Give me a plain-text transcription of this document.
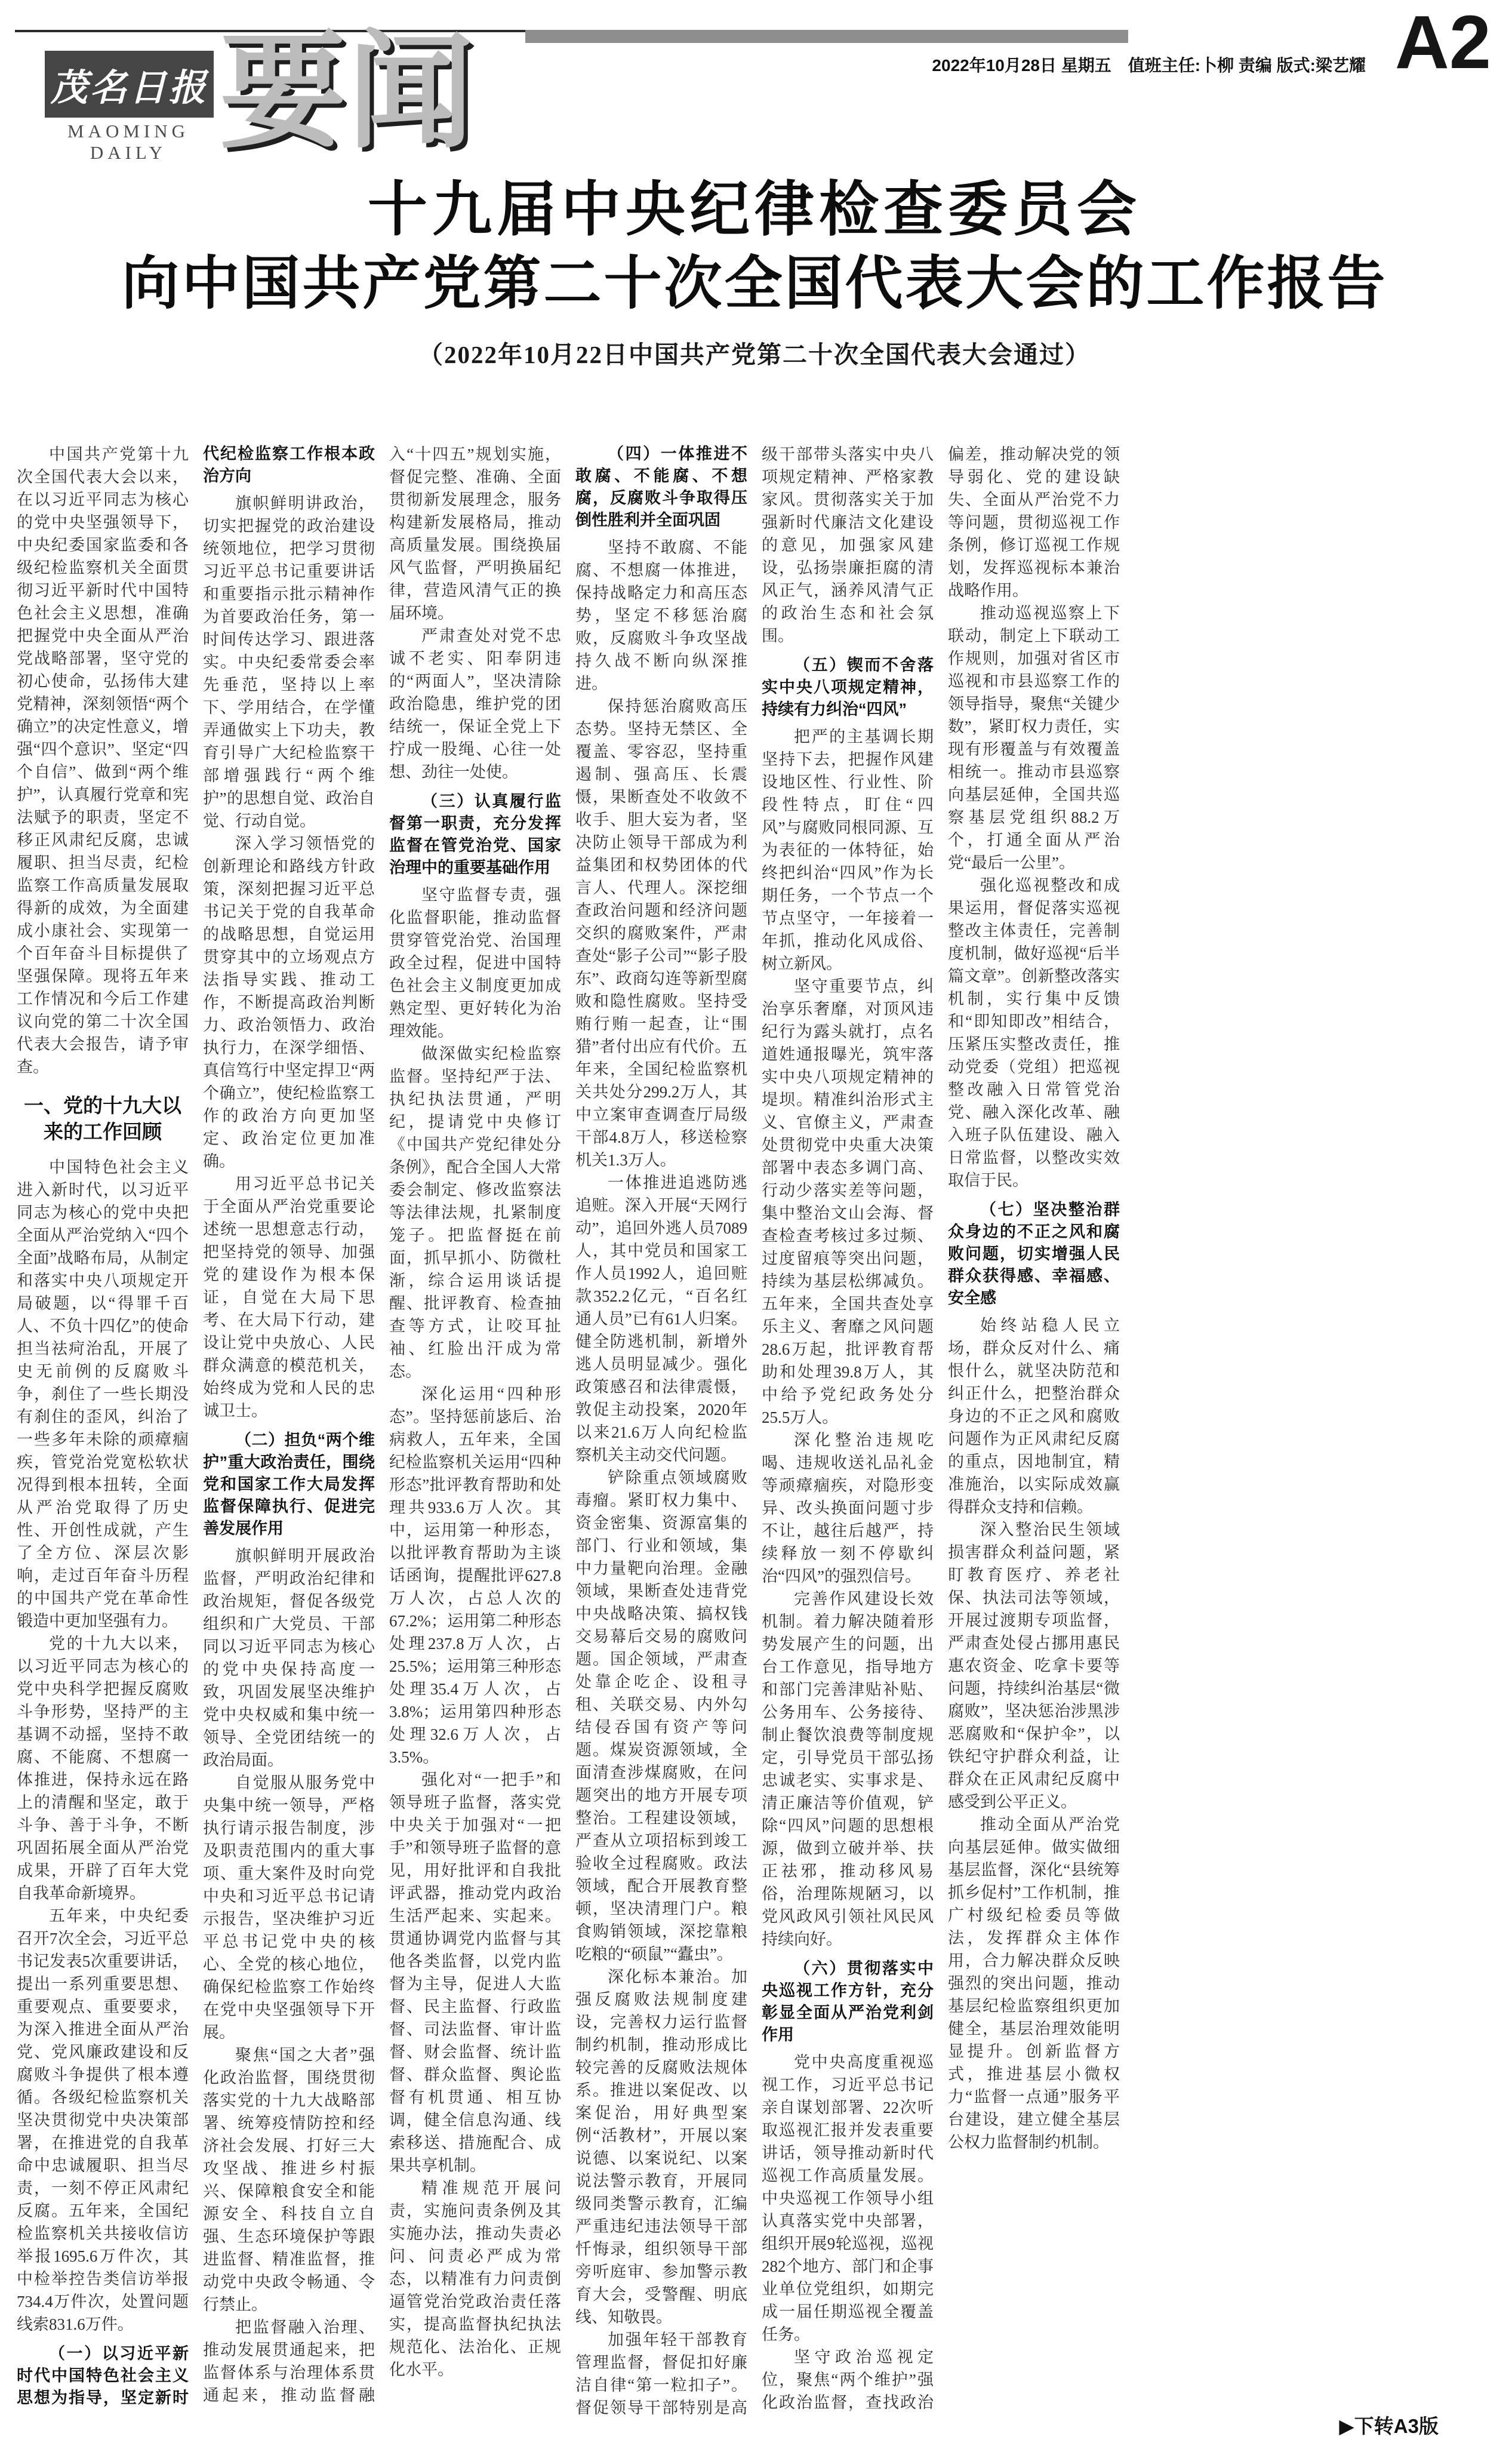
茂名日报
MAOMING DAILY 要闻	2022年10月28日 星期五　值班主任:卜柳 责编 版式:梁艺耀 A2
十九届中央纪律检查委员会
向中国共产党第二十次全国代表大会的工作报告
（2022年10月22日中国共产党第二十次全国代表大会通过）

中国共产党第十九次全国代表大会以来，在以习近平同志为核心的党中央坚强领导下，中央纪委国家监委和各级纪检监察机关全面贯彻习近平新时代中国特色社会主义思想，准确把握党中央全面从严治党战略部署，坚守党的初心使命，弘扬伟大建党精神，深刻领悟“两个确立”的决定性意义，增强“四个意识”、坚定“四个自信”、做到“两个维护”，认真履行党章和宪法赋予的职责，坚定不移正风肃纪反腐，忠诚履职、担当尽责，纪检监察工作高质量发展取得新的成效，为全面建成小康社会、实现第一个百年奋斗目标提供了坚强保障。现将五年来工作情况和今后工作建议向党的第二十次全国代表大会报告，请予审查。

一、党的十九大以来的工作回顾

中国特色社会主义进入新时代，以习近平同志为核心的党中央把全面从严治党纳入“四个全面”战略布局，从制定和落实中央八项规定开局破题，以“得罪千百人、不负十四亿”的使命担当祛疴治乱，开展了史无前例的反腐败斗争，刹住了一些长期没有刹住的歪风，纠治了一些多年未除的顽瘴痼疾，管党治党宽松软状况得到根本扭转，全面从严治党取得了历史性、开创性成就，产生了全方位、深层次影响，走过百年奋斗历程的中国共产党在革命性锻造中更加坚强有力。

党的十九大以来，以习近平同志为核心的党中央科学把握反腐败斗争形势，坚持严的主基调不动摇，坚持不敢腐、不能腐、不想腐一体推进，保持永远在路上的清醒和坚定，敢于斗争、善于斗争，不断巩固拓展全面从严治党成果，开辟了百年大党自我革命新境界。

五年来，中央纪委召开7次全会，习近平总书记发表5次重要讲话，提出一系列重要思想、重要观点、重要要求，为深入推进全面从严治党、党风廉政建设和反腐败斗争提供了根本遵循。各级纪检监察机关坚决贯彻党中央决策部署，在推进党的自我革命中忠诚履职、担当尽责，一刻不停正风肃纪反腐。五年来，全国纪检监察机关共接收信访举报1695.6万件次，其中检举控告类信访举报734.4万件次，处置问题线索831.6万件。

（一）以习近平新时代中国特色社会主义思想为指导，坚定新时代纪检监察工作根本政治方向

旗帜鲜明讲政治，切实把握党的政治建设统领地位，把学习贯彻习近平总书记重要讲话和重要指示批示精神作为首要政治任务，第一时间传达学习、跟进落实。中央纪委常委会率先垂范，坚持以上率下、学用结合，在学懂弄通做实上下功夫，教育引导广大纪检监察干部增强践行“两个维护”的思想自觉、政治自觉、行动自觉。

深入学习领悟党的创新理论和路线方针政策，深刻把握习近平总书记关于党的自我革命的战略思想，自觉运用贯穿其中的立场观点方法指导实践、推动工作，不断提高政治判断力、政治领悟力、政治执行力，在深学细悟、真信笃行中坚定捍卫“两个确立”，使纪检监察工作的政治方向更加坚定、政治定位更加准确。

用习近平总书记关于全面从严治党重要论述统一思想意志行动，把坚持党的领导、加强党的建设作为根本保证，自觉在大局下思考、在大局下行动，建设让党中央放心、人民群众满意的模范机关，始终成为党和人民的忠诚卫士。

（二）担负“两个维护”重大政治责任，围绕党和国家工作大局发挥监督保障执行、促进完善发展作用

旗帜鲜明开展政治监督，严明政治纪律和政治规矩，督促各级党组织和广大党员、干部同以习近平同志为核心的党中央保持高度一致，巩固发展坚决维护党中央权威和集中统一领导、全党团结统一的政治局面。

自觉服从服务党中央集中统一领导，严格执行请示报告制度，涉及职责范围内的重大事项、重大案件及时向党中央和习近平总书记请示报告，坚决维护习近平总书记党中央的核心、全党的核心地位，确保纪检监察工作始终在党中央坚强领导下开展。

聚焦“国之大者”强化政治监督，围绕贯彻落实党的十九大战略部署、统筹疫情防控和经济社会发展、打好三大攻坚战、推进乡村振兴、保障粮食安全和能源安全、科技自立自强、生态环境保护等跟进监督、精准监督，推动党中央政令畅通、令行禁止。

把监督融入治理、推动发展贯通起来，把监督体系与治理体系贯通起来，推动监督融入“十四五”规划实施，督促完整、准确、全面贯彻新发展理念，服务构建新发展格局，推动高质量发展。围绕换届风气监督，严明换届纪律，营造风清气正的换届环境。

严肃查处对党不忠诚不老实、阳奉阴违的“两面人”，坚决清除政治隐患，维护党的团结统一，保证全党上下拧成一股绳、心往一处想、劲往一处使。

（三）认真履行监督第一职责，充分发挥监督在管党治党、国家治理中的重要基础作用

坚守监督专责，强化监督职能，推动监督贯穿管党治党、治国理政全过程，促进中国特色社会主义制度更加成熟定型、更好转化为治理效能。

做深做实纪检监察监督。坚持纪严于法、执纪执法贯通，严明纪，提请党中央修订《中国共产党纪律处分条例》，配合全国人大常委会制定、修改监察法等法律法规，扎紧制度笼子。把监督挺在前面，抓早抓小、防微杜渐，综合运用谈话提醒、批评教育、检查抽查等方式，让咬耳扯袖、红脸出汗成为常态。

深化运用“四种形态”。坚持惩前毖后、治病救人，五年来，全国纪检监察机关运用“四种形态”批评教育帮助和处理共933.6万人次。其中，运用第一种形态，以批评教育帮助为主谈话函询，提醒批评627.8万人次，占总人次的67.2%；运用第二种形态处理237.8万人次，占25.5%；运用第三种形态处理35.4万人次，占3.8%；运用第四种形态处理32.6万人次，占3.5%。

强化对“一把手”和领导班子监督，落实党中央关于加强对“一把手”和领导班子监督的意见，用好批评和自我批评武器，推动党内政治生活严起来、实起来。贯通协调党内监督与其他各类监督，以党内监督为主导，促进人大监督、民主监督、行政监督、司法监督、审计监督、财会监督、统计监督、群众监督、舆论监督有机贯通、相互协调，健全信息沟通、线索移送、措施配合、成果共享机制。

精准规范开展问责，实施问责条例及其实施办法，推动失责必问、问责必严成为常态，以精准有力问责倒逼管党治党政治责任落实，提高监督执纪执法规范化、法治化、正规化水平。

（四）一体推进不敢腐、不能腐、不想腐，反腐败斗争取得压倒性胜利并全面巩固

坚持不敢腐、不能腐、不想腐一体推进，保持战略定力和高压态势，坚定不移惩治腐败，反腐败斗争攻坚战持久战不断向纵深推进。

保持惩治腐败高压态势。坚持无禁区、全覆盖、零容忍，坚持重遏制、强高压、长震慑，果断查处不收敛不收手、胆大妄为者，坚决防止领导干部成为利益集团和权势团体的代言人、代理人。深挖细查政治问题和经济问题交织的腐败案件，严肃查处“影子公司”“影子股东”、政商勾连等新型腐败和隐性腐败。坚持受贿行贿一起查，让“围猎”者付出应有代价。五年来，全国纪检监察机关共处分299.2万人，其中立案审查调查厅局级干部4.8万人，移送检察机关1.3万人。

一体推进追逃防逃追赃。深入开展“天网行动”，追回外逃人员7089人，其中党员和国家工作人员1992人，追回赃款352.2亿元，“百名红通人员”已有61人归案。健全防逃机制，新增外逃人员明显减少。强化政策感召和法律震慑，敦促主动投案，2020年以来21.6万人向纪检监察机关主动交代问题。

铲除重点领域腐败毒瘤。紧盯权力集中、资金密集、资源富集的部门、行业和领域，集中力量靶向治理。金融领域，果断查处违背党中央战略决策、搞权钱交易幕后交易的腐败问题。国企领域，严肃查处靠企吃企、设租寻租、关联交易、内外勾结侵吞国有资产等问题。煤炭资源领域，全面清查涉煤腐败，在问题突出的地方开展专项整治。工程建设领域，严查从立项招标到竣工验收全过程腐败。政法领域，配合开展教育整顿，坚决清理门户。粮食购销领域，深挖靠粮吃粮的“硕鼠”“蠹虫”。

深化标本兼治。加强反腐败法规制度建设，完善权力运行监督制约机制，推动形成比较完善的反腐败法规体系。推进以案促改、以案促治，用好典型案例“活教材”，开展以案说德、以案说纪、以案说法警示教育，开展同级同类警示教育，汇编严重违纪违法领导干部忏悔录，组织领导干部旁听庭审、参加警示教育大会，受警醒、明底线、知敬畏。

加强年轻干部教育管理监督，督促扣好廉洁自律“第一粒扣子”。督促领导干部特别是高级干部带头落实中央八项规定精神、严格家教家风。贯彻落实关于加强新时代廉洁文化建设的意见，加强家风建设，弘扬崇廉拒腐的清风正气，涵养风清气正的政治生态和社会氛围。

（五）锲而不舍落实中央八项规定精神，持续有力纠治“四风”

把严的主基调长期坚持下去，把握作风建设地区性、行业性、阶段性特点，盯住“四风”与腐败同根同源、互为表征的一体特征，始终把纠治“四风”作为长期任务，一个节点一个节点坚守，一年接着一年抓，推动化风成俗、树立新风。

坚守重要节点，纠治享乐奢靡，对顶风违纪行为露头就打，点名道姓通报曝光，筑牢落实中央八项规定精神的堤坝。精准纠治形式主义、官僚主义，严肃查处贯彻党中央重大决策部署中表态多调门高、行动少落实差等问题，集中整治文山会海、督查检查考核过多过频、过度留痕等突出问题，持续为基层松绑减负。五年来，全国共查处享乐主义、奢靡之风问题28.6万起，批评教育帮助和处理39.8万人，其中给予党纪政务处分25.5万人。

深化整治违规吃喝、违规收送礼品礼金等顽瘴痼疾，对隐形变异、改头换面问题寸步不让，越往后越严，持续释放一刻不停歇纠治“四风”的强烈信号。

完善作风建设长效机制。着力解决随着形势发展产生的问题，出台工作意见，指导地方和部门完善津贴补贴、公务用车、公务接待、制止餐饮浪费等制度规定，引导党员干部弘扬忠诚老实、实事求是、清正廉洁等价值观，铲除“四风”问题的思想根源，做到立破并举、扶正祛邪，推动移风易俗，治理陈规陋习，以党风政风引领社风民风持续向好。

（六）贯彻落实中央巡视工作方针，充分彰显全面从严治党利剑作用

党中央高度重视巡视工作，习近平总书记亲自谋划部署、22次听取巡视汇报并发表重要讲话，领导推动新时代巡视工作高质量发展。中央巡视工作领导小组认真落实党中央部署，组织开展9轮巡视，巡视282个地方、部门和企事业单位党组织，如期完成一届任期巡视全覆盖任务。

坚守政治巡视定位，聚焦“两个维护”强化政治监督，查找政治偏差，推动解决党的领导弱化、党的建设缺失、全面从严治党不力等问题，贯彻巡视工作条例，修订巡视工作规划，发挥巡视标本兼治战略作用。

推动巡视巡察上下联动，制定上下联动工作规则，加强对省区市巡视和市县巡察工作的领导指导，聚焦“关键少数”，紧盯权力责任，实现有形覆盖与有效覆盖相统一。推动市县巡察向基层延伸，全国共巡察基层党组织88.2万个，打通全面从严治党“最后一公里”。

强化巡视整改和成果运用，督促落实巡视整改主体责任，完善制度机制，做好巡视“后半篇文章”。创新整改落实机制，实行集中反馈和“即知即改”相结合，压紧压实整改责任，推动党委（党组）把巡视整改融入日常管党治党、融入深化改革、融入班子队伍建设、融入日常监督，以整改实效取信于民。

（七）坚决整治群众身边的不正之风和腐败问题，切实增强人民群众获得感、幸福感、安全感

始终站稳人民立场，群众反对什么、痛恨什么，就坚决防范和纠正什么，把整治群众身边的不正之风和腐败问题作为正风肃纪反腐的重点，因地制宜，精准施治，以实际成效赢得群众支持和信赖。

深入整治民生领域损害群众利益问题，紧盯教育医疗、养老社保、执法司法等领域，开展过渡期专项监督，严肃查处侵占挪用惠民惠农资金、吃拿卡要等问题，持续纠治基层“微腐败”，坚决惩治涉黑涉恶腐败和“保护伞”，以铁纪守护群众利益，让群众在正风肃纪反腐中感受到公平正义。

推动全面从严治党向基层延伸。做实做细基层监督，深化“县统筹抓乡促村”工作机制，推广村级纪检委员等做法，发挥群众主体作用，合力解决群众反映强烈的突出问题，推动基层纪检监察组织更加健全，基层治理效能明显提升。创新监督方式，推进基层小微权力“监督一点通”服务平台建设，建立健全基层公权力监督制约机制。

▶下转A3版
